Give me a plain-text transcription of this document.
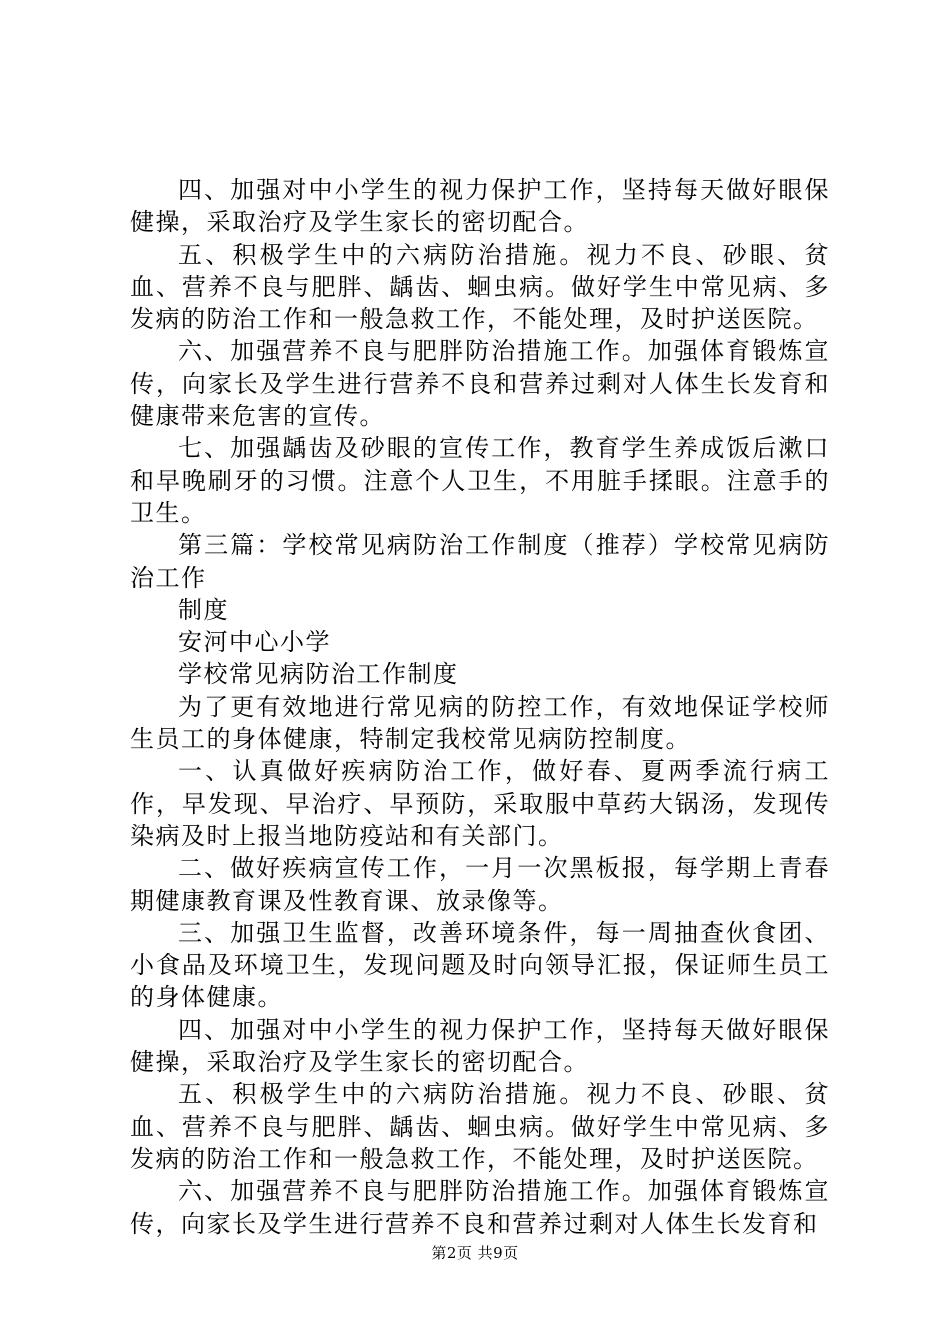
四、加强对中小学生的视力保护工作，坚持每天做好眼保健操，采取治疗及学生家长的密切配合。

五、积极学生中的六病防治措施。视力不良、砂眼、贫血、营养不良与肥胖、龋齿、蛔虫病。做好学生中常见病、多发病的防治工作和一般急救工作，不能处理，及时护送医院。

六、加强营养不良与肥胖防治措施工作。加强体育锻炼宣传，向家长及学生进行营养不良和营养过剩对人体生长发育和健康带来危害的宣传。

七、加强龋齿及砂眼的宣传工作，教育学生养成饭后漱口和早晚刷牙的习惯。注意个人卫生，不用脏手揉眼。注意手的卫生。

第三篇：学校常见病防治工作制度（推荐）学校常见病防治工作

制度

安河中心小学

学校常见病防治工作制度

为了更有效地进行常见病的防控工作，有效地保证学校师生员工的身体健康，特制定我校常见病防控制度。

一、认真做好疾病防治工作，做好春、夏两季流行病工作，早发现、早治疗、早预防，采取服中草药大锅汤，发现传染病及时上报当地防疫站和有关部门。

二、做好疾病宣传工作，一月一次黑板报，每学期上青春期健康教育课及性教育课、放录像等。

三、加强卫生监督，改善环境条件，每一周抽查伙食团、小食品及环境卫生，发现问题及时向领导汇报，保证师生员工的身体健康。

四、加强对中小学生的视力保护工作，坚持每天做好眼保健操，采取治疗及学生家长的密切配合。

五、积极学生中的六病防治措施。视力不良、砂眼、贫血、营养不良与肥胖、龋齿、蛔虫病。做好学生中常见病、多发病的防治工作和一般急救工作，不能处理，及时护送医院。

六、加强营养不良与肥胖防治措施工作。加强体育锻炼宣传，向家长及学生进行营养不良和营养过剩对人体生长发育和

第2页 共9页
